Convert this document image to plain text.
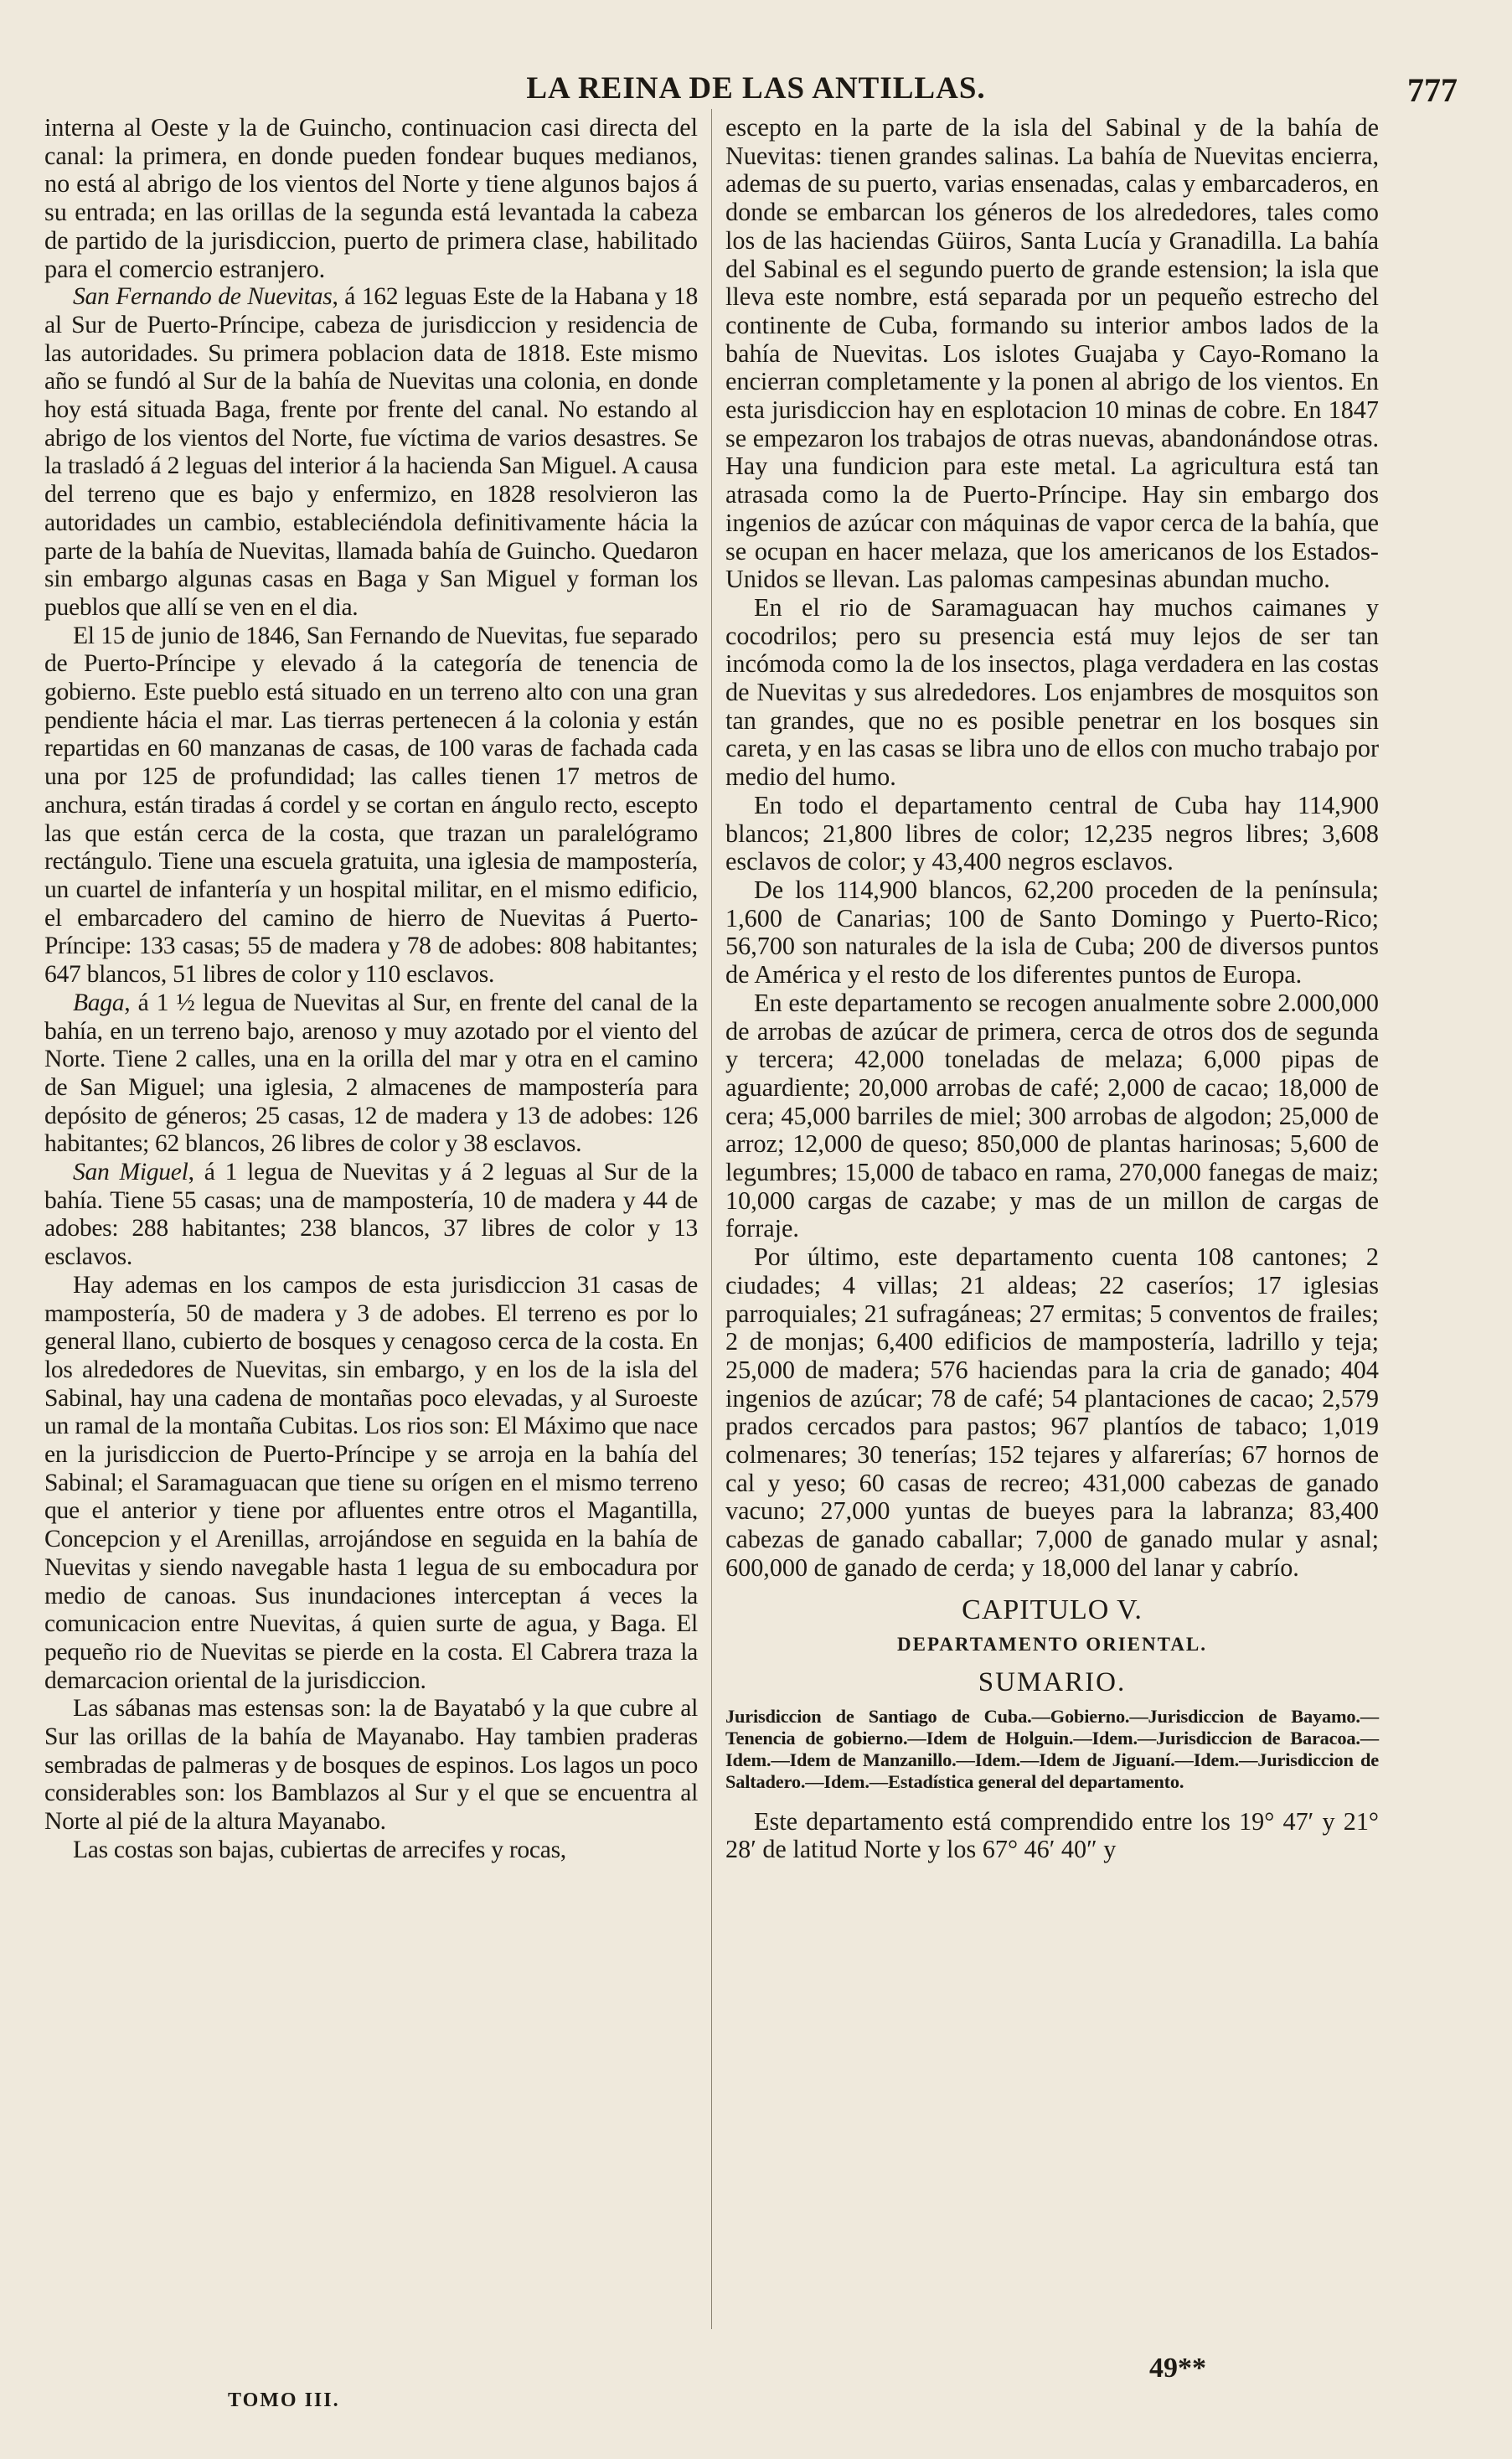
LA REINA DE LAS ANTILLAS.	777

interna al Oeste y la de Guincho, continuacion casi directa del canal: la primera, en donde pueden fondear buques medianos, no está al abrigo de los vientos del Norte y tiene algunos bajos á su entrada; en las orillas de la segunda está levantada la cabeza de partido de la jurisdiccion, puerto de primera clase, habilitado para el comercio estranjero.

San Fernando de Nuevitas, á 162 leguas Este de la Habana y 18 al Sur de Puerto-Príncipe, cabeza de jurisdiccion y residencia de las autoridades. Su primera poblacion data de 1818. Este mismo año se fundó al Sur de la bahía de Nuevitas una colonia, en donde hoy está situada Baga, frente por frente del canal. No estando al abrigo de los vientos del Norte, fue víctima de varios desastres. Se la trasladó á 2 leguas del interior á la hacienda San Miguel. A causa del terreno que es bajo y enfermizo, en 1828 resolvieron las autoridades un cambio, estableciéndola definitivamente hácia la parte de la bahía de Nuevitas, llamada bahía de Guincho. Quedaron sin embargo algunas casas en Baga y San Miguel y forman los pueblos que allí se ven en el dia.

El 15 de junio de 1846, San Fernando de Nuevitas, fue separado de Puerto-Príncipe y elevado á la categoría de tenencia de gobierno. Este pueblo está situado en un terreno alto con una gran pendiente hácia el mar. Las tierras pertenecen á la colonia y están repartidas en 60 manzanas de casas, de 100 varas de fachada cada una por 125 de profundidad; las calles tienen 17 metros de anchura, están tiradas á cordel y se cortan en ángulo recto, escepto las que están cerca de la costa, que trazan un paralelógramo rectángulo. Tiene una escuela gratuita, una iglesia de mampostería, un cuartel de infantería y un hospital militar, en el mismo edificio, el embarcadero del camino de hierro de Nuevitas á Puerto-Príncipe: 133 casas; 55 de madera y 78 de adobes: 808 habitantes; 647 blancos, 51 libres de color y 110 esclavos.

Baga, á 1 ½ legua de Nuevitas al Sur, en frente del canal de la bahía, en un terreno bajo, arenoso y muy azotado por el viento del Norte. Tiene 2 calles, una en la orilla del mar y otra en el camino de San Miguel; una iglesia, 2 almacenes de mampostería para depósito de géneros; 25 casas, 12 de madera y 13 de adobes: 126 habitantes; 62 blancos, 26 libres de color y 38 esclavos.

San Miguel, á 1 legua de Nuevitas y á 2 leguas al Sur de la bahía. Tiene 55 casas; una de mampostería, 10 de madera y 44 de adobes: 288 habitantes; 238 blancos, 37 libres de color y 13 esclavos.

Hay ademas en los campos de esta jurisdiccion 31 casas de mampostería, 50 de madera y 3 de adobes. El terreno es por lo general llano, cubierto de bosques y cenagoso cerca de la costa. En los alrededores de Nuevitas, sin embargo, y en los de la isla del Sabinal, hay una cadena de montañas poco elevadas, y al Suroeste un ramal de la montaña Cubitas. Los rios son: El Máximo que nace en la jurisdiccion de Puerto-Príncipe y se arroja en la bahía del Sabinal; el Saramaguacan que tiene su orígen en el mismo terreno que el anterior y tiene por afluentes entre otros el Magantilla, Concepcion y el Arenillas, arrojándose en seguida en la bahía de Nuevitas y siendo navegable hasta 1 legua de su embocadura por medio de canoas. Sus inundaciones interceptan á veces la comunicacion entre Nuevitas, á quien surte de agua, y Baga. El pequeño rio de Nuevitas se pierde en la costa. El Cabrera traza la demarcacion oriental de la jurisdiccion.

Las sábanas mas estensas son: la de Bayatabó y la que cubre al Sur las orillas de la bahía de Mayanabo. Hay tambien praderas sembradas de palmeras y de bosques de espinos. Los lagos un poco considerables son: los Bamblazos al Sur y el que se encuentra al Norte al pié de la altura Mayanabo.

Las costas son bajas, cubiertas de arrecifes y rocas,

escepto en la parte de la isla del Sabinal y de la bahía de Nuevitas: tienen grandes salinas. La bahía de Nuevitas encierra, ademas de su puerto, varias ensenadas, calas y embarcaderos, en donde se embarcan los géneros de los alrededores, tales como los de las haciendas Güiros, Santa Lucía y Granadilla. La bahía del Sabinal es el segundo puerto de grande estension; la isla que lleva este nombre, está separada por un pequeño estrecho del continente de Cuba, formando su interior ambos lados de la bahía de Nuevitas. Los islotes Guajaba y Cayo-Romano la encierran completamente y la ponen al abrigo de los vientos. En esta jurisdiccion hay en esplotacion 10 minas de cobre. En 1847 se empezaron los trabajos de otras nuevas, abandonándose otras. Hay una fundicion para este metal. La agricultura está tan atrasada como la de Puerto-Príncipe. Hay sin embargo dos ingenios de azúcar con máquinas de vapor cerca de la bahía, que se ocupan en hacer melaza, que los americanos de los Estados-Unidos se llevan. Las palomas campesinas abundan mucho.

En el rio de Saramaguacan hay muchos caimanes y cocodrilos; pero su presencia está muy lejos de ser tan incómoda como la de los insectos, plaga verdadera en las costas de Nuevitas y sus alrededores. Los enjambres de mosquitos son tan grandes, que no es posible penetrar en los bosques sin careta, y en las casas se libra uno de ellos con mucho trabajo por medio del humo.

En todo el departamento central de Cuba hay 114,900 blancos; 21,800 libres de color; 12,235 negros libres; 3,608 esclavos de color; y 43,400 negros esclavos.

De los 114,900 blancos, 62,200 proceden de la península; 1,600 de Canarias; 100 de Santo Domingo y Puerto-Rico; 56,700 son naturales de la isla de Cuba; 200 de diversos puntos de América y el resto de los diferentes puntos de Europa.

En este departamento se recogen anualmente sobre 2.000,000 de arrobas de azúcar de primera, cerca de otros dos de segunda y tercera; 42,000 toneladas de melaza; 6,000 pipas de aguardiente; 20,000 arrobas de café; 2,000 de cacao; 18,000 de cera; 45,000 barriles de miel; 300 arrobas de algodon; 25,000 de arroz; 12,000 de queso; 850,000 de plantas harinosas; 5,600 de legumbres; 15,000 de tabaco en rama, 270,000 fanegas de maiz; 10,000 cargas de cazabe; y mas de un millon de cargas de forraje.

Por último, este departamento cuenta 108 cantones; 2 ciudades; 4 villas; 21 aldeas; 22 caseríos; 17 iglesias parroquiales; 21 sufragáneas; 27 ermitas; 5 conventos de frailes; 2 de monjas; 6,400 edificios de mampostería, ladrillo y teja; 25,000 de madera; 576 haciendas para la cria de ganado; 404 ingenios de azúcar; 78 de café; 54 plantaciones de cacao; 2,579 prados cercados para pastos; 967 plantíos de tabaco; 1,019 colmenares; 30 tenerías; 152 tejares y alfarerías; 67 hornos de cal y yeso; 60 casas de recreo; 431,000 cabezas de ganado vacuno; 27,000 yuntas de bueyes para la labranza; 83,400 cabezas de ganado caballar; 7,000 de ganado mular y asnal; 600,000 de ganado de cerda; y 18,000 del lanar y cabrío.

CAPITULO V.
DEPARTAMENTO ORIENTAL.
SUMARIO.
Jurisdiccion de Santiago de Cuba.—Gobierno.—Jurisdiccion de Bayamo.—Tenencia de gobierno.—Idem de Holguin.—Idem.—Jurisdiccion de Baracoa.—Idem.—Idem de Manzanillo.—Idem.—Idem de Jiguaní.—Idem.—Jurisdiccion de Saltadero.—Idem.—Estadística general del departamento.

Este departamento está comprendido entre los 19° 47′ y 21° 28′ de latitud Norte y los 67° 46′ 40″ y

TOMO III.
49**
